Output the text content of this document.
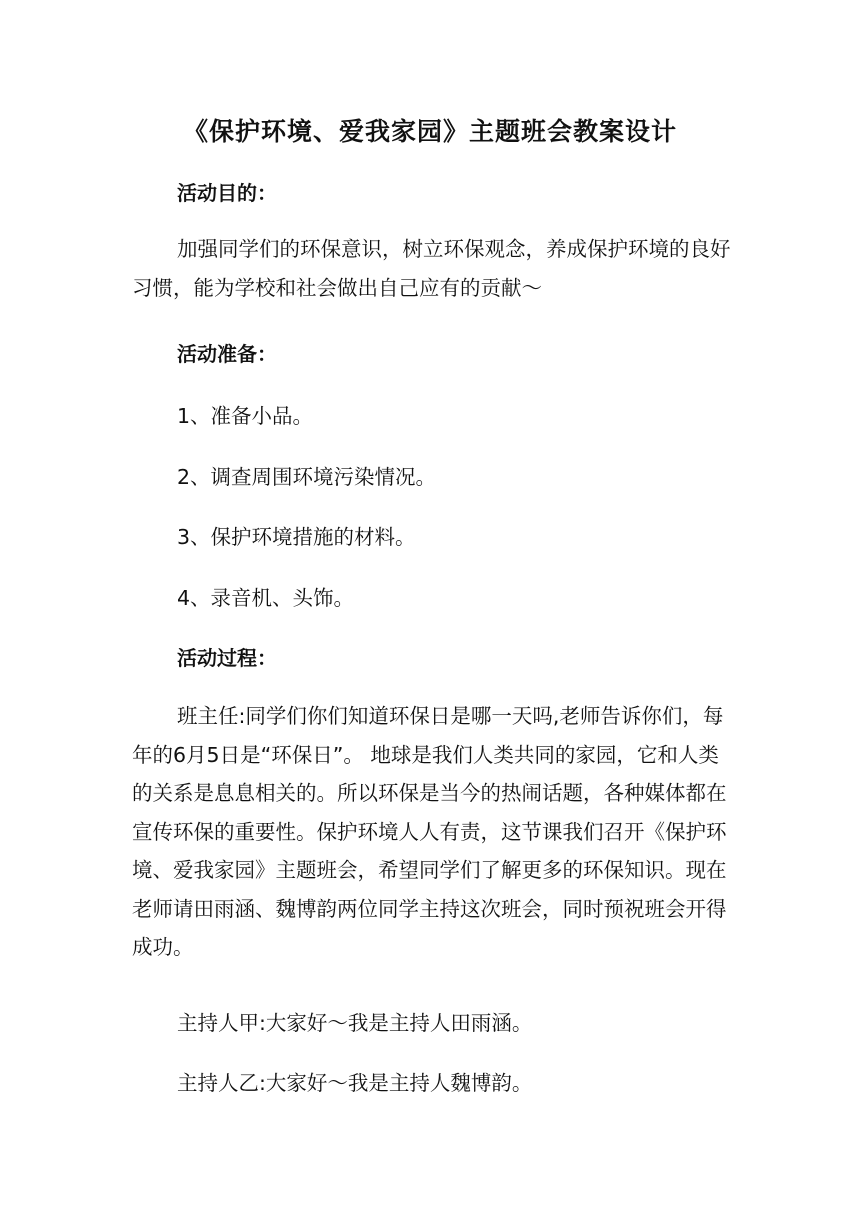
《保护环境、爱我家园》主题班会教案设计
活动目的：
加强同学们的环保意识，树立环保观念，养成保护环境的良好习惯，能为学校和社会做出自己应有的贡献～
活动准备：
1、准备小品。
2、调查周围环境污染情况。
3、保护环境措施的材料。
4、录音机、头饰。
活动过程：
班主任:同学们你们知道环保日是哪一天吗,老师告诉你们，每年的6月5日是“环保日”。 地球是我们人类共同的家园，它和人类的关系是息息相关的。所以环保是当今的热闹话题，各种媒体都在宣传环保的重要性。保护环境人人有责，这节课我们召开《保护环境、爱我家园》主题班会，希望同学们了解更多的环保知识。现在老师请田雨涵、魏博韵两位同学主持这次班会，同时预祝班会开得成功。
主持人甲:大家好～我是主持人田雨涵。
主持人乙:大家好～我是主持人魏博韵。
